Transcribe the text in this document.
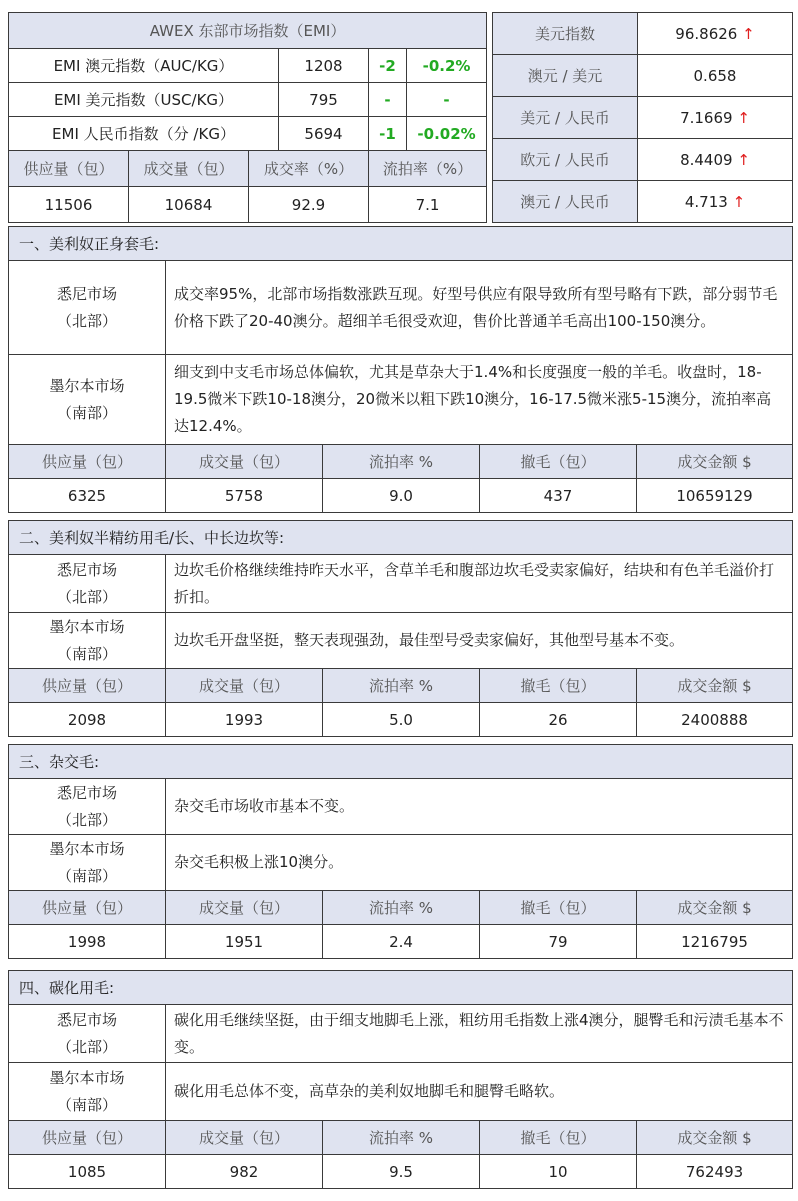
AWEX 东部市场指数（EMI）			
EMI 澳元指数（AUC/KG）	1208	-2	-0.2%
EMI 美元指数（USC/KG）	795	-	-
EMI 人民币指数（分 /KG）	5694	-1	-0.02%
供应量（包）	成交量（包）	成交率（%）	流拍率（%）
11506	10684	92.9	7.1
美元指数	96.8626 ↑
澳元 / 美元	0.658
美元 / 人民币	7.1669 ↑
欧元 / 人民币	8.4409 ↑
澳元 / 人民币	4.713 ↑
一、美利奴正身套毛:				

悉尼市场
（北部）	成交率95%，北部市场指数涨跌互现。好型号供应有限导致所有型号略有下跌，部分弱节毛价格下跌了20-40澳分。超细羊毛很受欢迎，售价比普通羊毛高出100-150澳分。			

墨尔本市场
（南部）	细支到中支毛市场总体偏软，尤其是草杂大于1.4%和长度强度一般的羊毛。收盘时，18-19.5微米下跌10-18澳分，20微米以粗下跌10澳分，16-17.5微米涨5-15澳分，流拍率高达12.4%。			
供应量（包）	成交量（包）	流拍率 %	撤毛（包）	成交金额 $
6325	5758	9.0	437	10659129
二、美利奴半精纺用毛/长、中长边坎等:				

悉尼市场
（北部）	边坎毛价格继续维持昨天水平，含草羊毛和腹部边坎毛受卖家偏好，结块和有色羊毛溢价打折扣。			

墨尔本市场
（南部）	边坎毛开盘坚挺，整天表现强劲，最佳型号受卖家偏好，其他型号基本不变。			
供应量（包）	成交量（包）	流拍率 %	撤毛（包）	成交金额 $
2098	1993	5.0	26	2400888
三、杂交毛:				

悉尼市场
（北部）	杂交毛市场收市基本不变。			

墨尔本市场
（南部）	杂交毛积极上涨10澳分。			
供应量（包）	成交量（包）	流拍率 %	撤毛（包）	成交金额 $
1998	1951	2.4	79	1216795
四、碳化用毛:				

悉尼市场
（北部）	碳化用毛继续坚挺，由于细支地脚毛上涨，粗纺用毛指数上涨4澳分，腿臀毛和污渍毛基本不变。			

墨尔本市场
（南部）	碳化用毛总体不变，高草杂的美利奴地脚毛和腿臀毛略软。			
供应量（包）	成交量（包）	流拍率 %	撤毛（包）	成交金额 $
1085	982	9.5	10	762493
